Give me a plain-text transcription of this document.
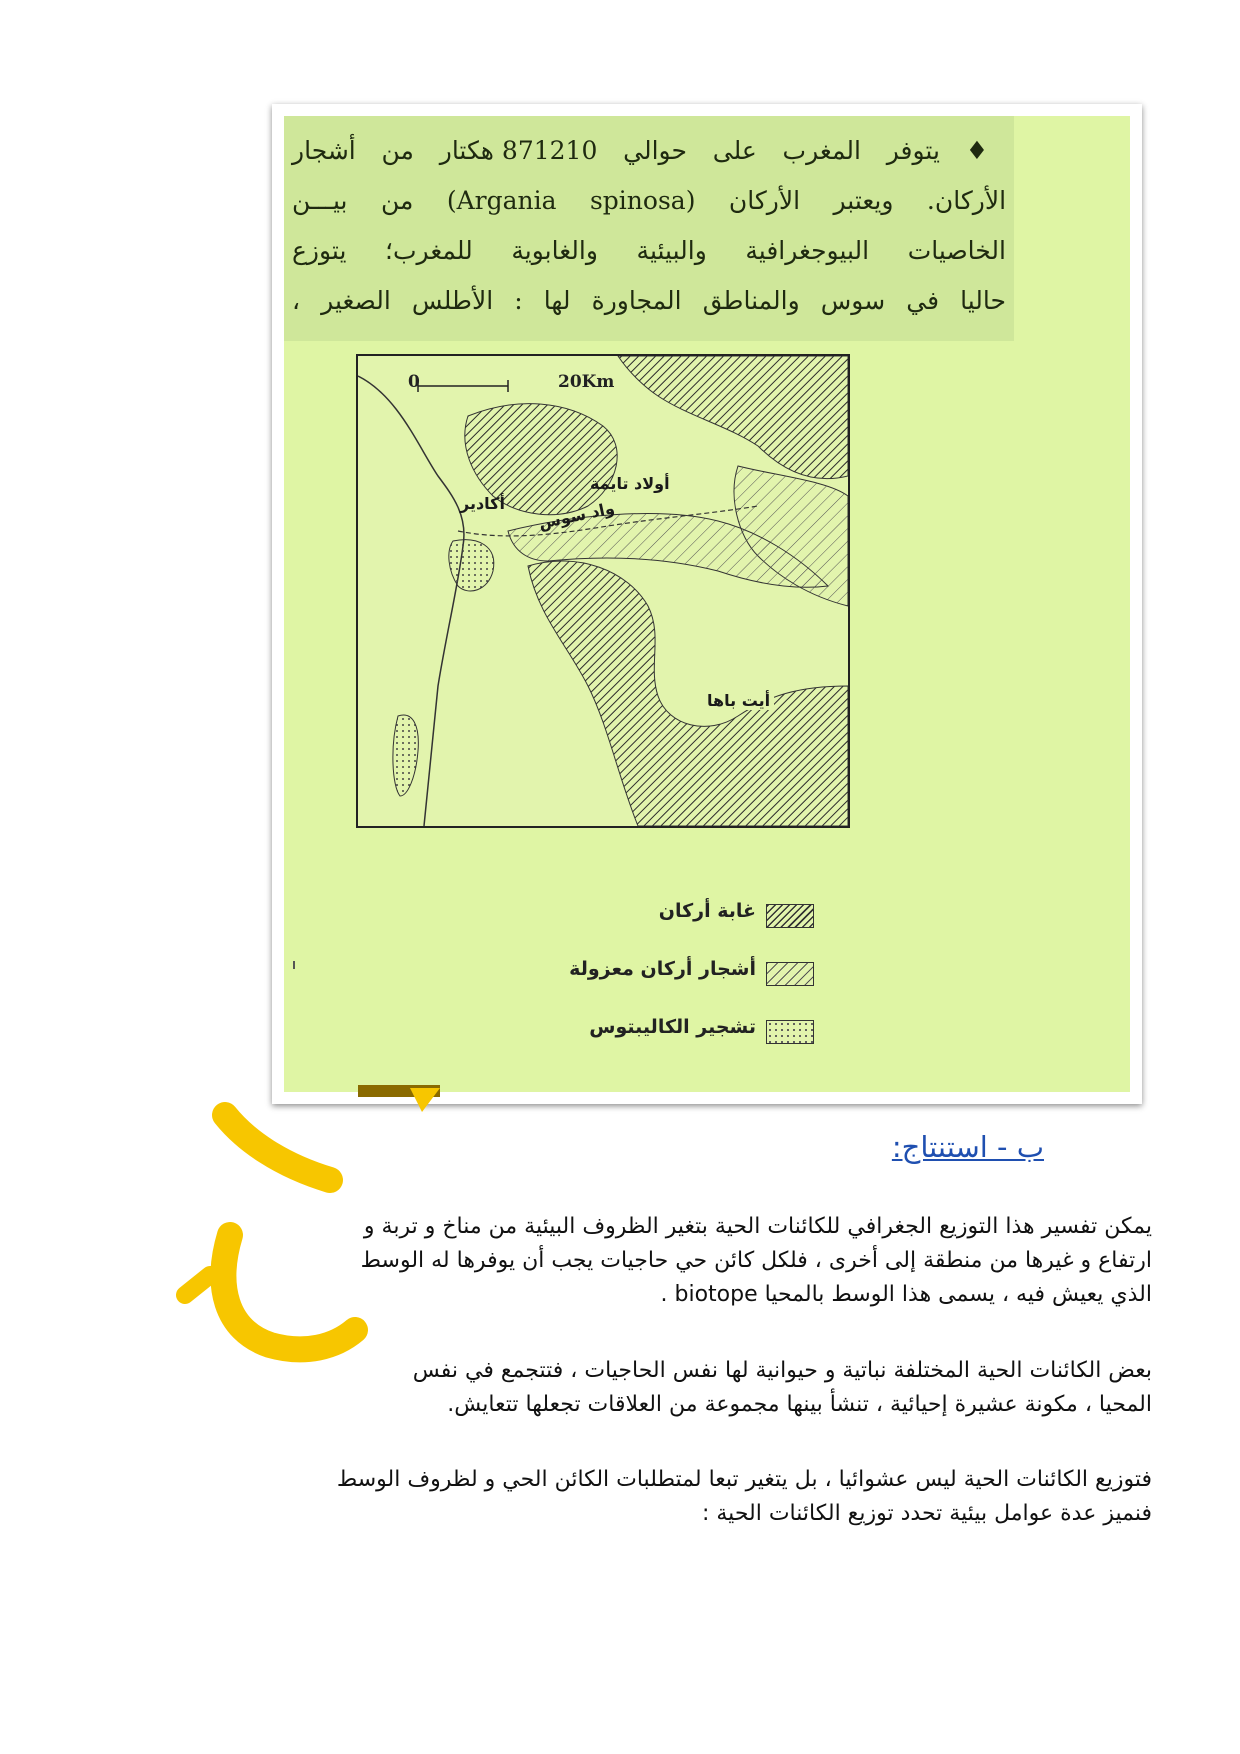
♦ يتوفر المغرب على حوالي 871210 هكتار من أشجار

الأركان. ويعتبر الأركان (Argania spinosa) من بيـــن

الخاصيات البيوجغرافية والبيئية والغابوية للمغرب؛ يتوزع

حاليا في سوس والمناطق المجاورة لها : الأطلس الصغير ،

0	20Km
أكادير
أولاد تايمة
واد سوس
أيت باها
غابة أركان
أشجار أركان معزولة
تشجير الكاليبتوس
ب - استنتاج:

يمكن تفسير هذا التوزيع الجغرافي للكائنات الحية بتغير الظروف البيئية من مناخ و تربة و

ارتفاع و غيرها من منطقة إلى أخرى ، فلكل كائن حي حاجيات يجب أن يوفرها له الوسط

الذي يعيش فيه ، يسمى هذا الوسط بالمحيا biotope .

بعض الكائنات الحية المختلفة نباتية و حيوانية لها نفس الحاجيات ، فتتجمع في نفس

المحيا ، مكونة عشيرة إحيائية ، تنشأ بينها مجموعة من العلاقات تجعلها تتعايش.

فتوزيع الكائنات الحية ليس عشوائيا ، بل يتغير تبعا لمتطلبات الكائن الحي و لظروف الوسط

فنميز عدة عوامل بيئية تحدد توزيع الكائنات الحية :
